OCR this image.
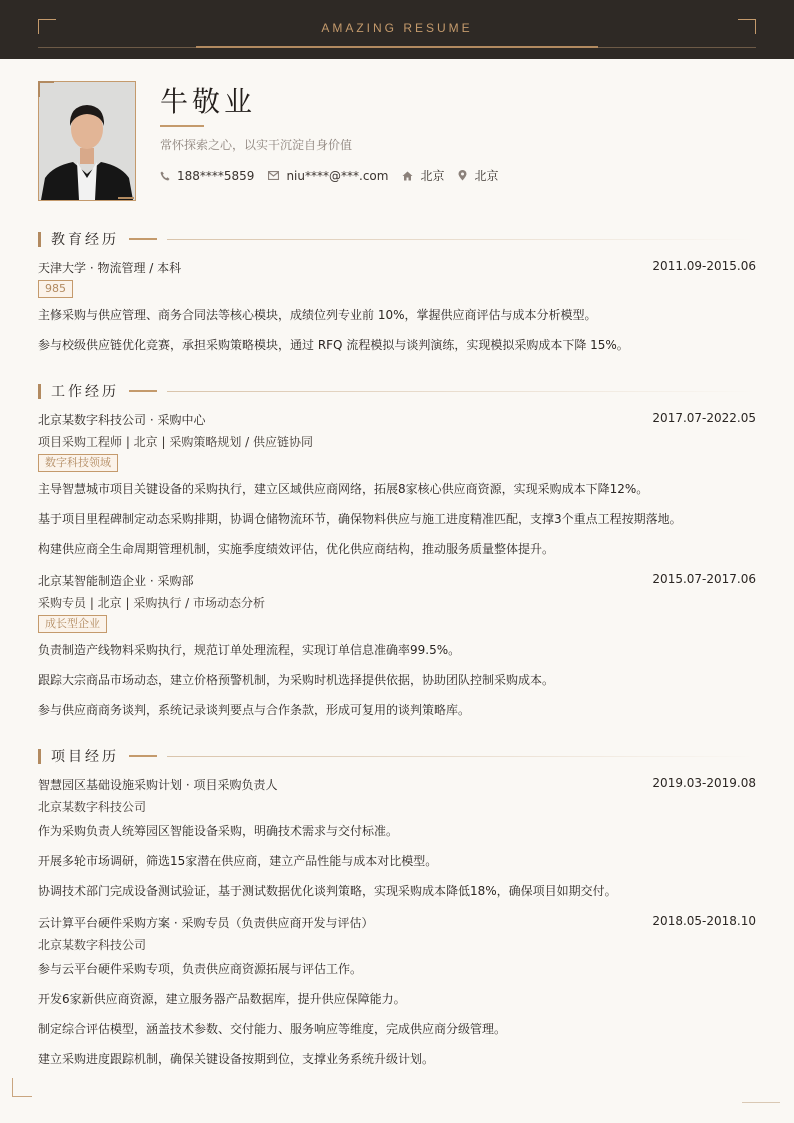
AMAZING RESUME
牛敬业
常怀探索之心，以实干沉淀自身价值
188****5859	niu****@***.com	北京	北京
教育经历
天津大学 · 物流管理 / 本科	2011.09-2015.06
985
主修采购与供应管理、商务合同法等核心模块，成绩位列专业前 10%，掌握供应商评估与成本分析模型。
参与校级供应链优化竞赛，承担采购策略模块，通过 RFQ 流程模拟与谈判演练，实现模拟采购成本下降 15%。
工作经历
北京某数字科技公司 · 采购中心	2017.07-2022.05
项目采购工程师 | 北京 | 采购策略规划 / 供应链协同
数字科技领域
主导智慧城市项目关键设备的采购执行，建立区域供应商网络，拓展8家核心供应商资源，实现采购成本下降12%。
基于项目里程碑制定动态采购排期，协调仓储物流环节，确保物料供应与施工进度精准匹配，支撑3个重点工程按期落地。
构建供应商全生命周期管理机制，实施季度绩效评估，优化供应商结构，推动服务质量整体提升。
北京某智能制造企业 · 采购部	2015.07-2017.06
采购专员 | 北京 | 采购执行 / 市场动态分析
成长型企业
负责制造产线物料采购执行，规范订单处理流程，实现订单信息准确率99.5%。
跟踪大宗商品市场动态，建立价格预警机制，为采购时机选择提供依据，协助团队控制采购成本。
参与供应商商务谈判，系统记录谈判要点与合作条款，形成可复用的谈判策略库。
项目经历
智慧园区基础设施采购计划 · 项目采购负责人	2019.03-2019.08
北京某数字科技公司
作为采购负责人统筹园区智能设备采购，明确技术需求与交付标准。
开展多轮市场调研，筛选15家潜在供应商，建立产品性能与成本对比模型。
协调技术部门完成设备测试验证，基于测试数据优化谈判策略，实现采购成本降低18%，确保项目如期交付。
云计算平台硬件采购方案 · 采购专员（负责供应商开发与评估）	2018.05-2018.10
北京某数字科技公司
参与云平台硬件采购专项，负责供应商资源拓展与评估工作。
开发6家新供应商资源，建立服务器产品数据库，提升供应保障能力。
制定综合评估模型，涵盖技术参数、交付能力、服务响应等维度，完成供应商分级管理。
建立采购进度跟踪机制，确保关键设备按期到位，支撑业务系统升级计划。
